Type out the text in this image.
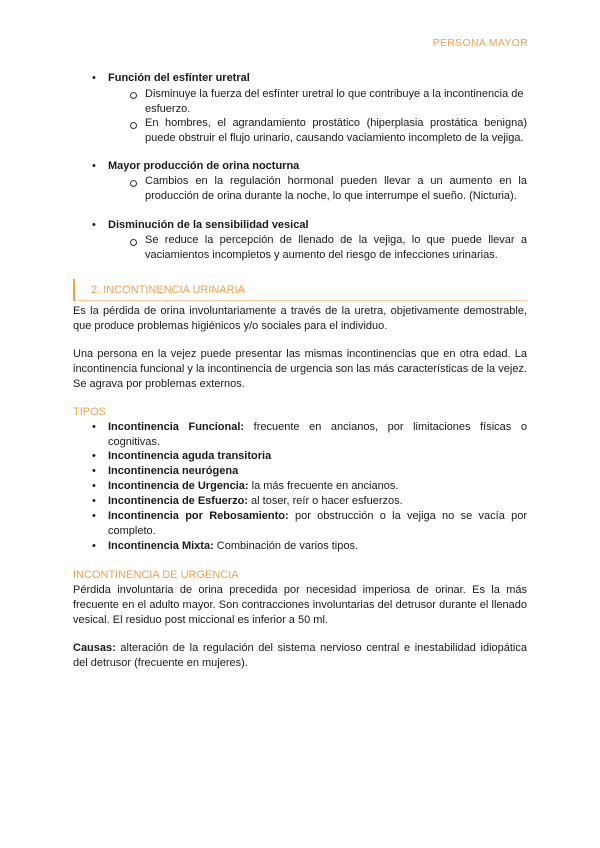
PERSONA MAYOR
• Función del esfínter uretral
Disminuye la fuerza del esfínter uretral lo que contribuye a la incontinencia de esfuerzo.
En hombres, el agrandamiento prostático (hiperplasia prostática benigna) puede obstruir el flujo urinario, causando vaciamiento incompleto de la vejiga.
• Mayor producción de orina nocturna
Cambios en la regulación hormonal pueden llevar a un aumento en la producción de orina durante la noche, lo que interrumpe el sueño. (Nicturia).
• Disminución de la sensibilidad vesical
Se reduce la percepción de llenado de la vejiga, lo que puede llevar a vaciamientos incompletos y aumento del riesgo de infecciones urinarias.
2. INCONTINENCIA URINARIA
Es la pérdida de orina involuntariamente a través de la uretra, objetivamente demostrable, que produce problemas higiénicos y/o sociales para el individuo.
Una persona en la vejez puede presentar las mismas incontinencias que en otra edad. La incontinencia funcional y la incontinencia de urgencia son las más características de la vejez. Se agrava por problemas externos.
TIPOS
• Incontinencia Funcional: frecuente en ancianos, por limitaciones físicas o cognitivas.
• Incontinencia aguda transitoria
• Incontinencia neurógena
• Incontinencia de Urgencia: la más frecuente en ancianos.
• Incontinencia de Esfuerzo: al toser, reír o hacer esfuerzos.
• Incontinencia por Rebosamiento: por obstrucción o la vejiga no se vacía por completo.
• Incontinencia Mixta: Combinación de varios tipos.
INCONTINENCIA DE URGENCIA
Pérdida involuntaria de orina precedida por necesidad imperiosa de orinar. Es la más frecuente en el adulto mayor. Son contracciones involuntarias del detrusor durante el llenado vesical. El residuo post miccional es inferior a 50 ml.
Causas: alteración de la regulación del sistema nervioso central e inestabilidad idiopática del detrusor (frecuente en mujeres).
